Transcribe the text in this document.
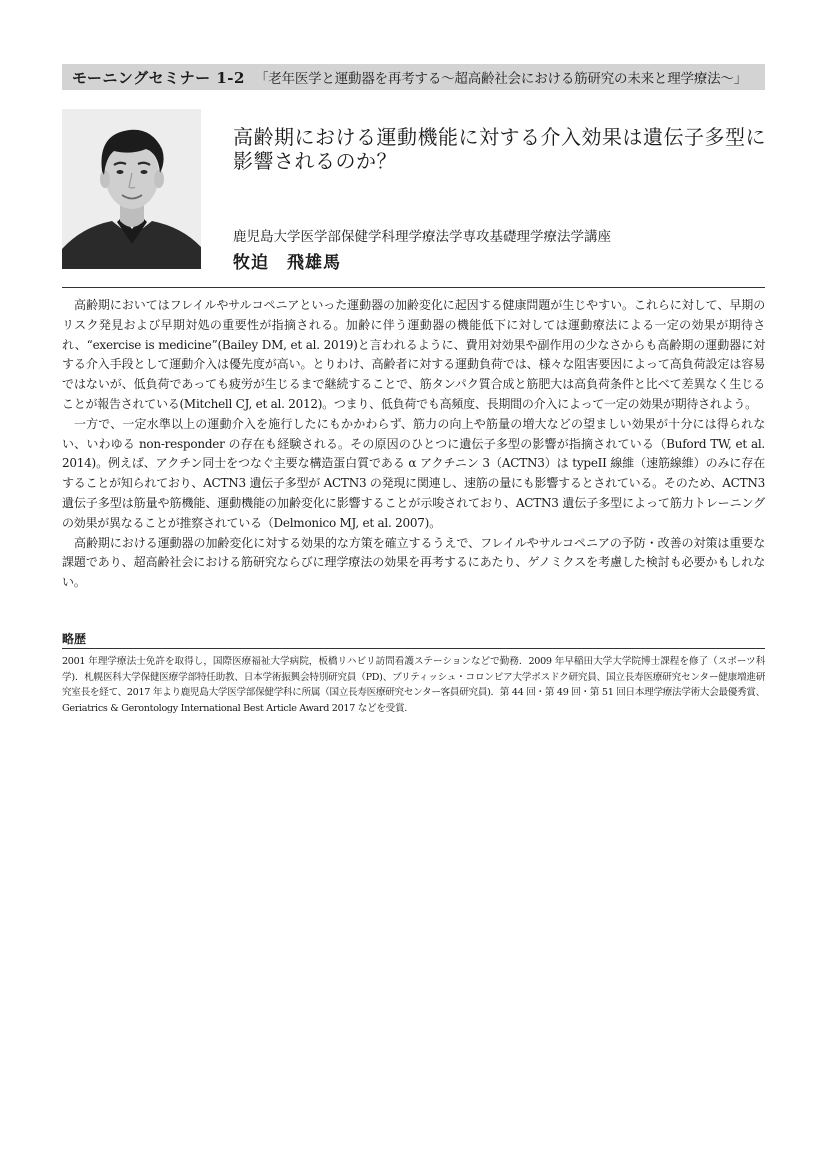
モーニングセミナー 1-2 「老年医学と運動器を再考する～超高齢社会における筋研究の未来と理学療法～」
高齢期における運動機能に対する介入効果は遺伝子多型に影響されるのか？
鹿児島大学医学部保健学科理学療法学専攻基礎理学療法学講座
牧迫　飛雄馬

高齢期においてはフレイルやサルコペニアといった運動器の加齢変化に起因する健康問題が生じやすい。これらに対して、早期のリスク発見および早期対処の重要性が指摘される。加齢に伴う運動器の機能低下に対しては運動療法による一定の効果が期待され、“exercise is medicine”(Bailey DM, et al. 2019)と言われるように、費用対効果や副作用の少なさからも高齢期の運動器に対する介入手段として運動介入は優先度が高い。とりわけ、高齢者に対する運動負荷では、様々な阻害要因によって高負荷設定は容易ではないが、低負荷であっても疲労が生じるまで継続することで、筋タンパク質合成と筋肥大は高負荷条件と比べて差異なく生じることが報告されている(Mitchell CJ, et al. 2012)。つまり、低負荷でも高頻度、長期間の介入によって一定の効果が期待されよう。

一方で、一定水準以上の運動介入を施行したにもかかわらず、筋力の向上や筋量の増大などの望ましい効果が十分には得られない、いわゆる non-responder の存在も経験される。その原因のひとつに遺伝子多型の影響が指摘されている（Buford TW, et al. 2014)。例えば、アクチン同士をつなぐ主要な構造蛋白質である α アクチニン 3（ACTN3）は typeII 線維（速筋線維）のみに存在することが知られており、ACTN3 遺伝子多型が ACTN3 の発現に関連し、速筋の量にも影響するとされている。そのため、ACTN3 遺伝子多型は筋量や筋機能、運動機能の加齢変化に影響することが示唆されており、ACTN3 遺伝子多型によって筋力トレーニングの効果が異なることが推察されている（Delmonico MJ, et al. 2007)。

高齢期における運動器の加齢変化に対する効果的な方策を確立するうえで、フレイルやサルコペニアの予防・改善の対策は重要な課題であり、超高齢社会における筋研究ならびに理学療法の効果を再考するにあたり、ゲノミクスを考慮した検討も必要かもしれない。

略歴
2001 年理学療法士免許を取得し，国際医療福祉大学病院，板橋リハビリ訪問看護ステーションなどで勤務．2009 年早稲田大学大学院博士課程を修了（スポーツ科学)．札幌医科大学保健医療学部特任助教、日本学術振興会特別研究員（PD)、ブリティッシュ・コロンビア大学ポスドク研究員、国立長寿医療研究センター健康増進研究室長を経て、2017 年より鹿児島大学医学部保健学科に所属（国立長寿医療研究センター客員研究員)．第 44 回・第 49 回・第 51 回日本理学療法学術大会最優秀賞、Geriatrics & Gerontology International Best Article Award 2017 などを受賞.
